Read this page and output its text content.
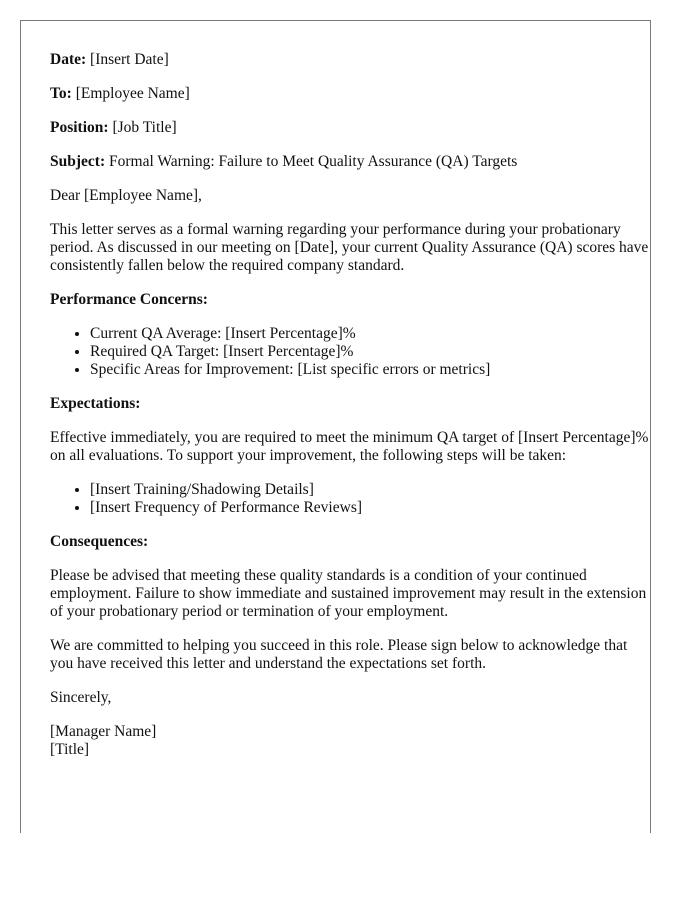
Date: [Insert Date]

To: [Employee Name]

Position: [Job Title]

Subject: Formal Warning: Failure to Meet Quality Assurance (QA) Targets

Dear [Employee Name],

This letter serves as a formal warning regarding your performance during your probationary period. As discussed in our meeting on [Date], your current Quality Assurance (QA) scores have consistently fallen below the required company standard.

Performance Concerns:

• Current QA Average: [Insert Percentage]%
• Required QA Target: [Insert Percentage]%
• Specific Areas for Improvement: [List specific errors or metrics]

Expectations:

Effective immediately, you are required to meet the minimum QA target of [Insert Percentage]% on all evaluations. To support your improvement, the following steps will be taken:

• [Insert Training/Shadowing Details]
• [Insert Frequency of Performance Reviews]

Consequences:

Please be advised that meeting these quality standards is a condition of your continued employment. Failure to show immediate and sustained improvement may result in the extension of your probationary period or termination of your employment.

We are committed to helping you succeed in this role. Please sign below to acknowledge that you have received this letter and understand the expectations set forth.

Sincerely,

[Manager Name]

[Title]
